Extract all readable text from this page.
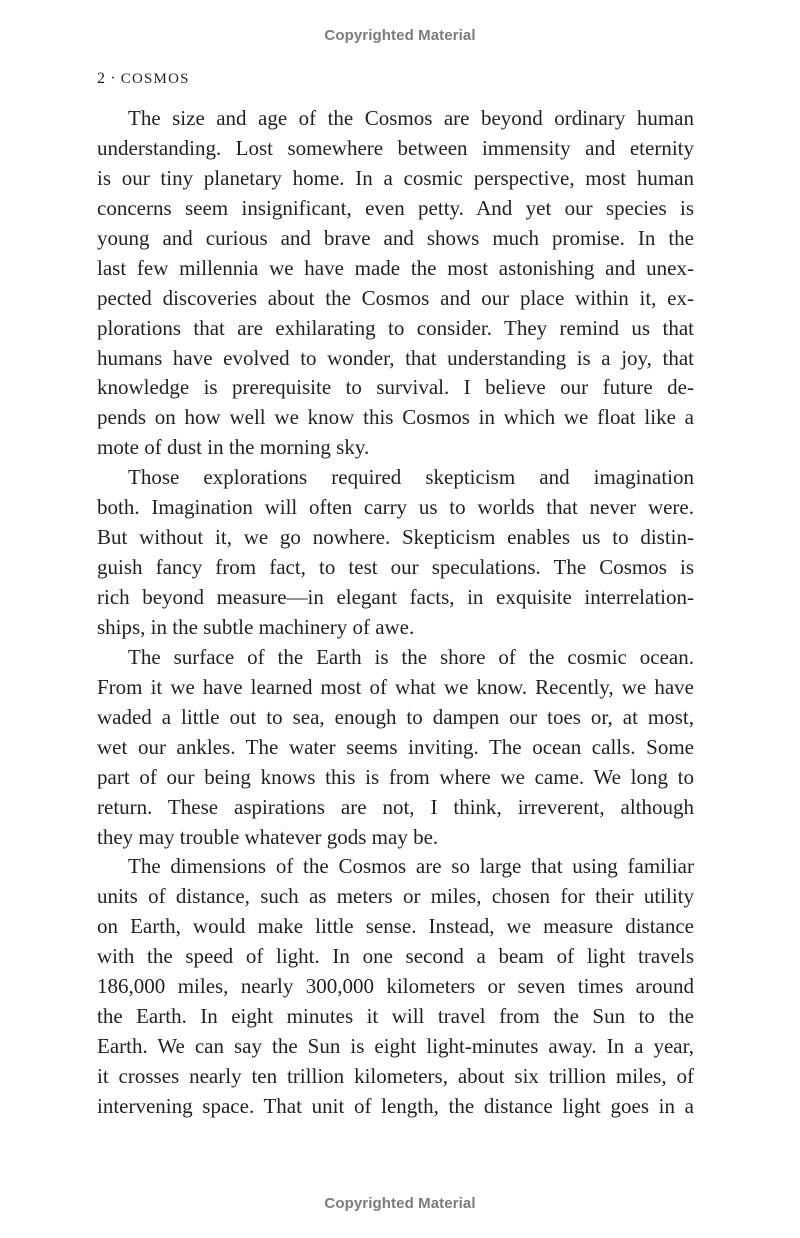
Copyrighted Material
2 · COSMOS
The size and age of the Cosmos are beyond ordinary human
understanding. Lost somewhere between immensity and eternity
is our tiny planetary home. In a cosmic perspective, most human
concerns seem insignificant, even petty. And yet our species is
young and curious and brave and shows much promise. In the
last few millennia we have made the most astonishing and unex-
pected discoveries about the Cosmos and our place within it, ex-
plorations that are exhilarating to consider. They remind us that
humans have evolved to wonder, that understanding is a joy, that
knowledge is prerequisite to survival. I believe our future de-
pends on how well we know this Cosmos in which we float like a
mote of dust in the morning sky.
Those explorations required skepticism and imagination
both. Imagination will often carry us to worlds that never were.
But without it, we go nowhere. Skepticism enables us to distin-
guish fancy from fact, to test our speculations. The Cosmos is
rich beyond measure—in elegant facts, in exquisite interrelation-
ships, in the subtle machinery of awe.
The surface of the Earth is the shore of the cosmic ocean.
From it we have learned most of what we know. Recently, we have
waded a little out to sea, enough to dampen our toes or, at most,
wet our ankles. The water seems inviting. The ocean calls. Some
part of our being knows this is from where we came. We long to
return. These aspirations are not, I think, irreverent, although
they may trouble whatever gods may be.
The dimensions of the Cosmos are so large that using familiar
units of distance, such as meters or miles, chosen for their utility
on Earth, would make little sense. Instead, we measure distance
with the speed of light. In one second a beam of light travels
186,000 miles, nearly 300,000 kilometers or seven times around
the Earth. In eight minutes it will travel from the Sun to the
Earth. We can say the Sun is eight light-minutes away. In a year,
it crosses nearly ten trillion kilometers, about six trillion miles, of
intervening space. That unit of length, the distance light goes in a
Copyrighted Material
